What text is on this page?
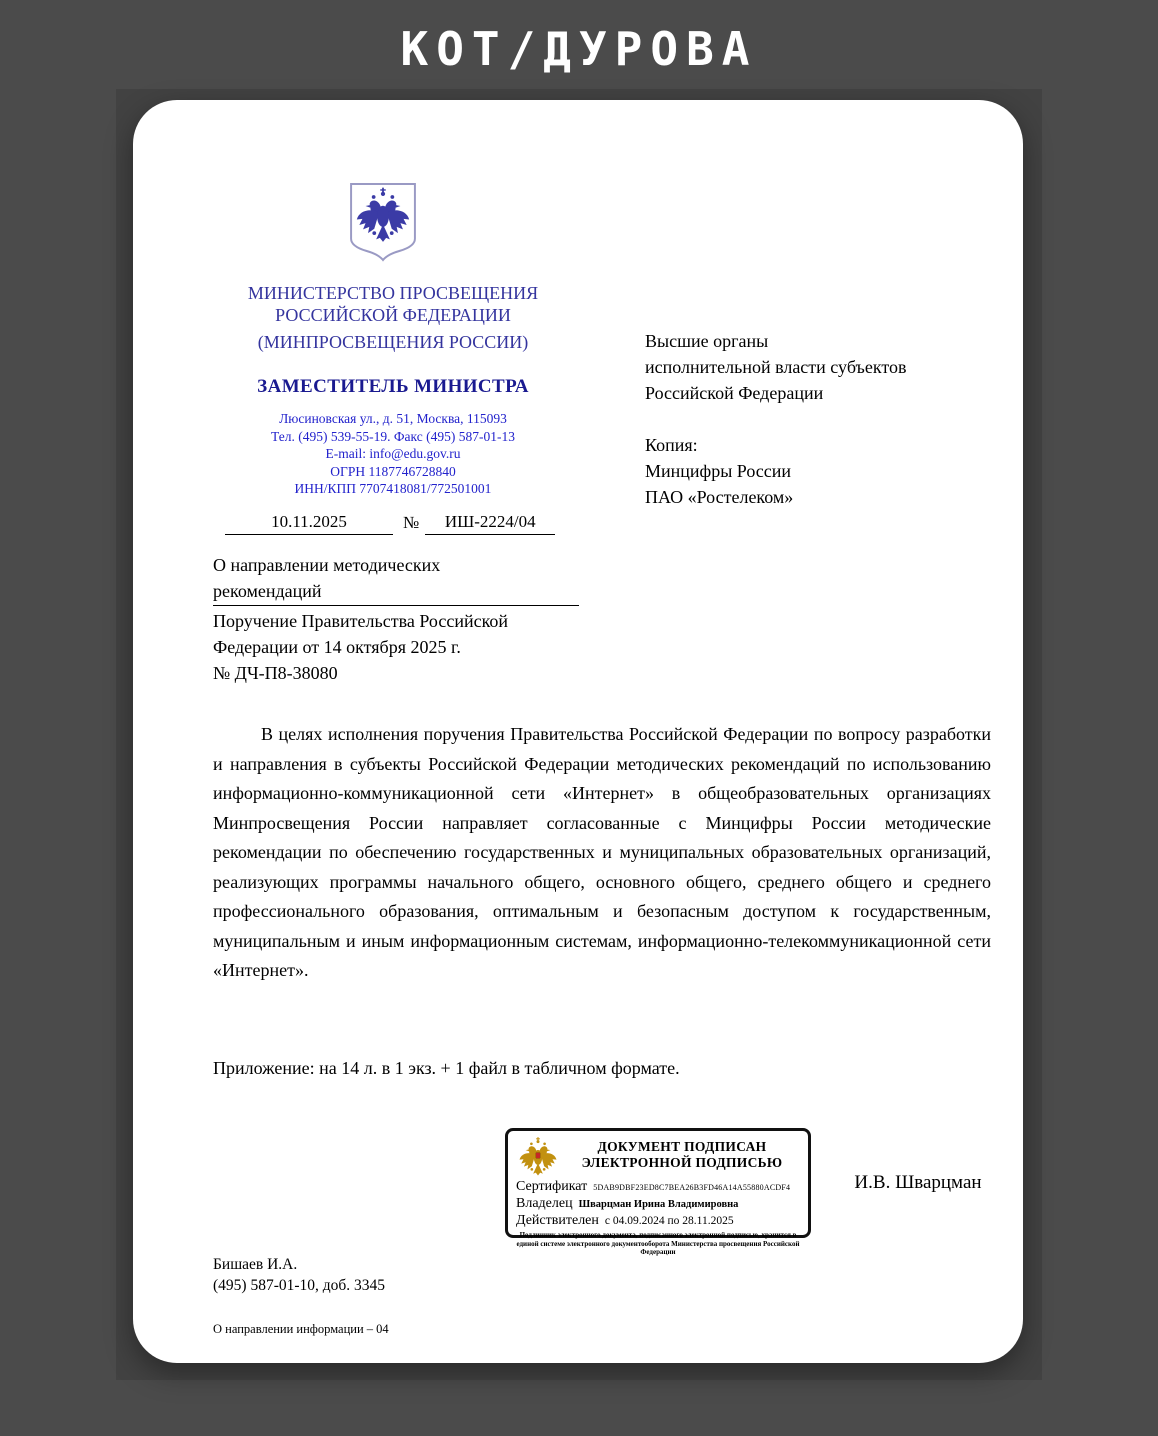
КОТ/ДУРОВА
МИНИСТЕРСТВО ПРОСВЕЩЕНИЯ
РОССИЙСКОЙ ФЕДЕРАЦИИ
(МИНПРОСВЕЩЕНИЯ РОССИИ)
ЗАМЕСТИТЕЛЬ МИНИСТРА
Люсиновская ул., д. 51, Москва, 115093
Тел. (495) 539-55-19. Факс (495) 587-01-13
E-mail: info@edu.gov.ru
ОГРН 1187746728840
ИНН/КПП 7707418081/772501001
10.11.2025	№	ИШ-2224/04
О направлении методических
рекомендаций
Поручение Правительства Российской
Федерации от 14 октября 2025 г.
№ ДЧ-П8-38080
Высшие органы
исполнительной власти субъектов
Российской Федерации
Копия:
Минцифры России
ПАО «Ростелеком»
В целях исполнения поручения Правительства Российской Федерации по вопросу разработки и направления в субъекты Российской Федерации методических рекомендаций по использованию информационно-коммуникационной сети «Интернет» в общеобразовательных организациях Минпросвещения России направляет согласованные с Минцифры России методические рекомендации по обеспечению государственных и муниципальных образовательных организаций, реализующих программы начального общего, основного общего, среднего общего и среднего профессионального образования, оптимальным и безопасным доступом к государственным, муниципальным и иным информационным системам, информационно-телекоммуникационной сети «Интернет».
Приложение: на 14 л. в 1 экз. + 1 файл в табличном формате.
ДОКУМЕНТ ПОДПИСАН
ЭЛЕКТРОННОЙ ПОДПИСЬЮ
Сертификат 5DAB9DBF23ED8C7BEA26B3FD46A14A55880ACDF4
Владелец Шварцман Ирина Владимировна
Действителен с 04.09.2024 по 28.11.2025
Подлинник электронного документа, подписанного электронной подписью, хранится в единой системе электронного документооборота Министерства просвещения Российской Федерации
И.В. Шварцман
Бишаев И.А.
(495) 587-01-10, доб. 3345
О направлении информации – 04
